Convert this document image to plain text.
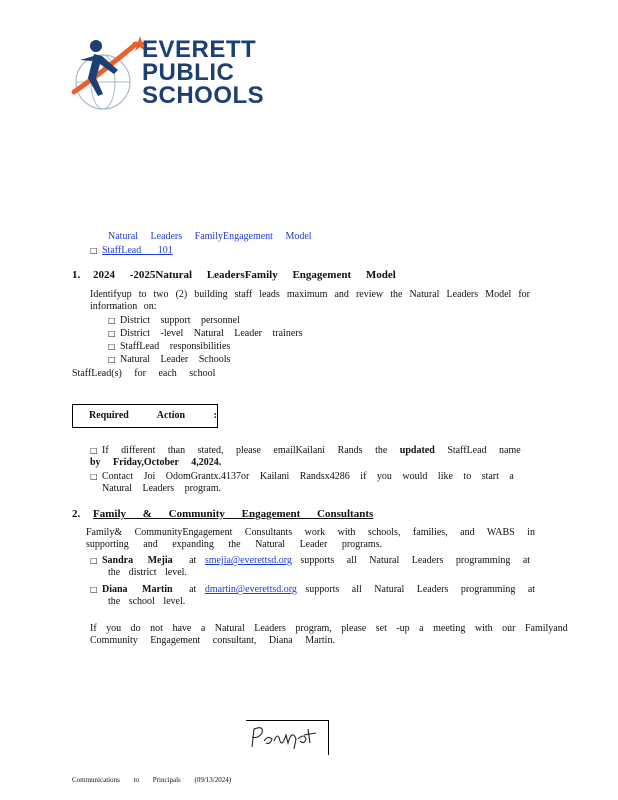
EVERETT
PUBLIC
SCHOOLS
Natural Leaders FamilyEngagement Model
□ StaffLead 101
1. 2024 -2025Natural LeadersFamily Engagement Model
Identifyup to two (2) building staff leads maximum and review the Natural Leaders Model for information on:
□ District support personnel
□ District -level Natural Leader trainers
□ StaffLead responsibilities
□ Natural Leader Schools
StaffLead(s) for each school
Required Action :
□ If different than stated, please emailKailani Rands the updated StaffLead name by Friday,October 4,2024.
□ Contact Joi OdomGrantx.4137or Kailani Randsx4286 if you would like to start a
Natural Leaders program.
2. Family & Community Engagement Consultants
Family& CommunityEngagement Consultants work with schools, families, and WABS in
supporting and expanding the Natural Leader programs.
□ Sandra Mejia at smejia@everettsd.org supports all Natural Leaders programming at
the district level.
□ Diana Martin at dmartin@everettsd.org supports all Natural Leaders programming at
the school level.
If you do not have a Natural Leaders program, please set -up a meeting with our Familyand
Community Engagement consultant, Diana Martin.
Communications to Principals (09/13/2024)
